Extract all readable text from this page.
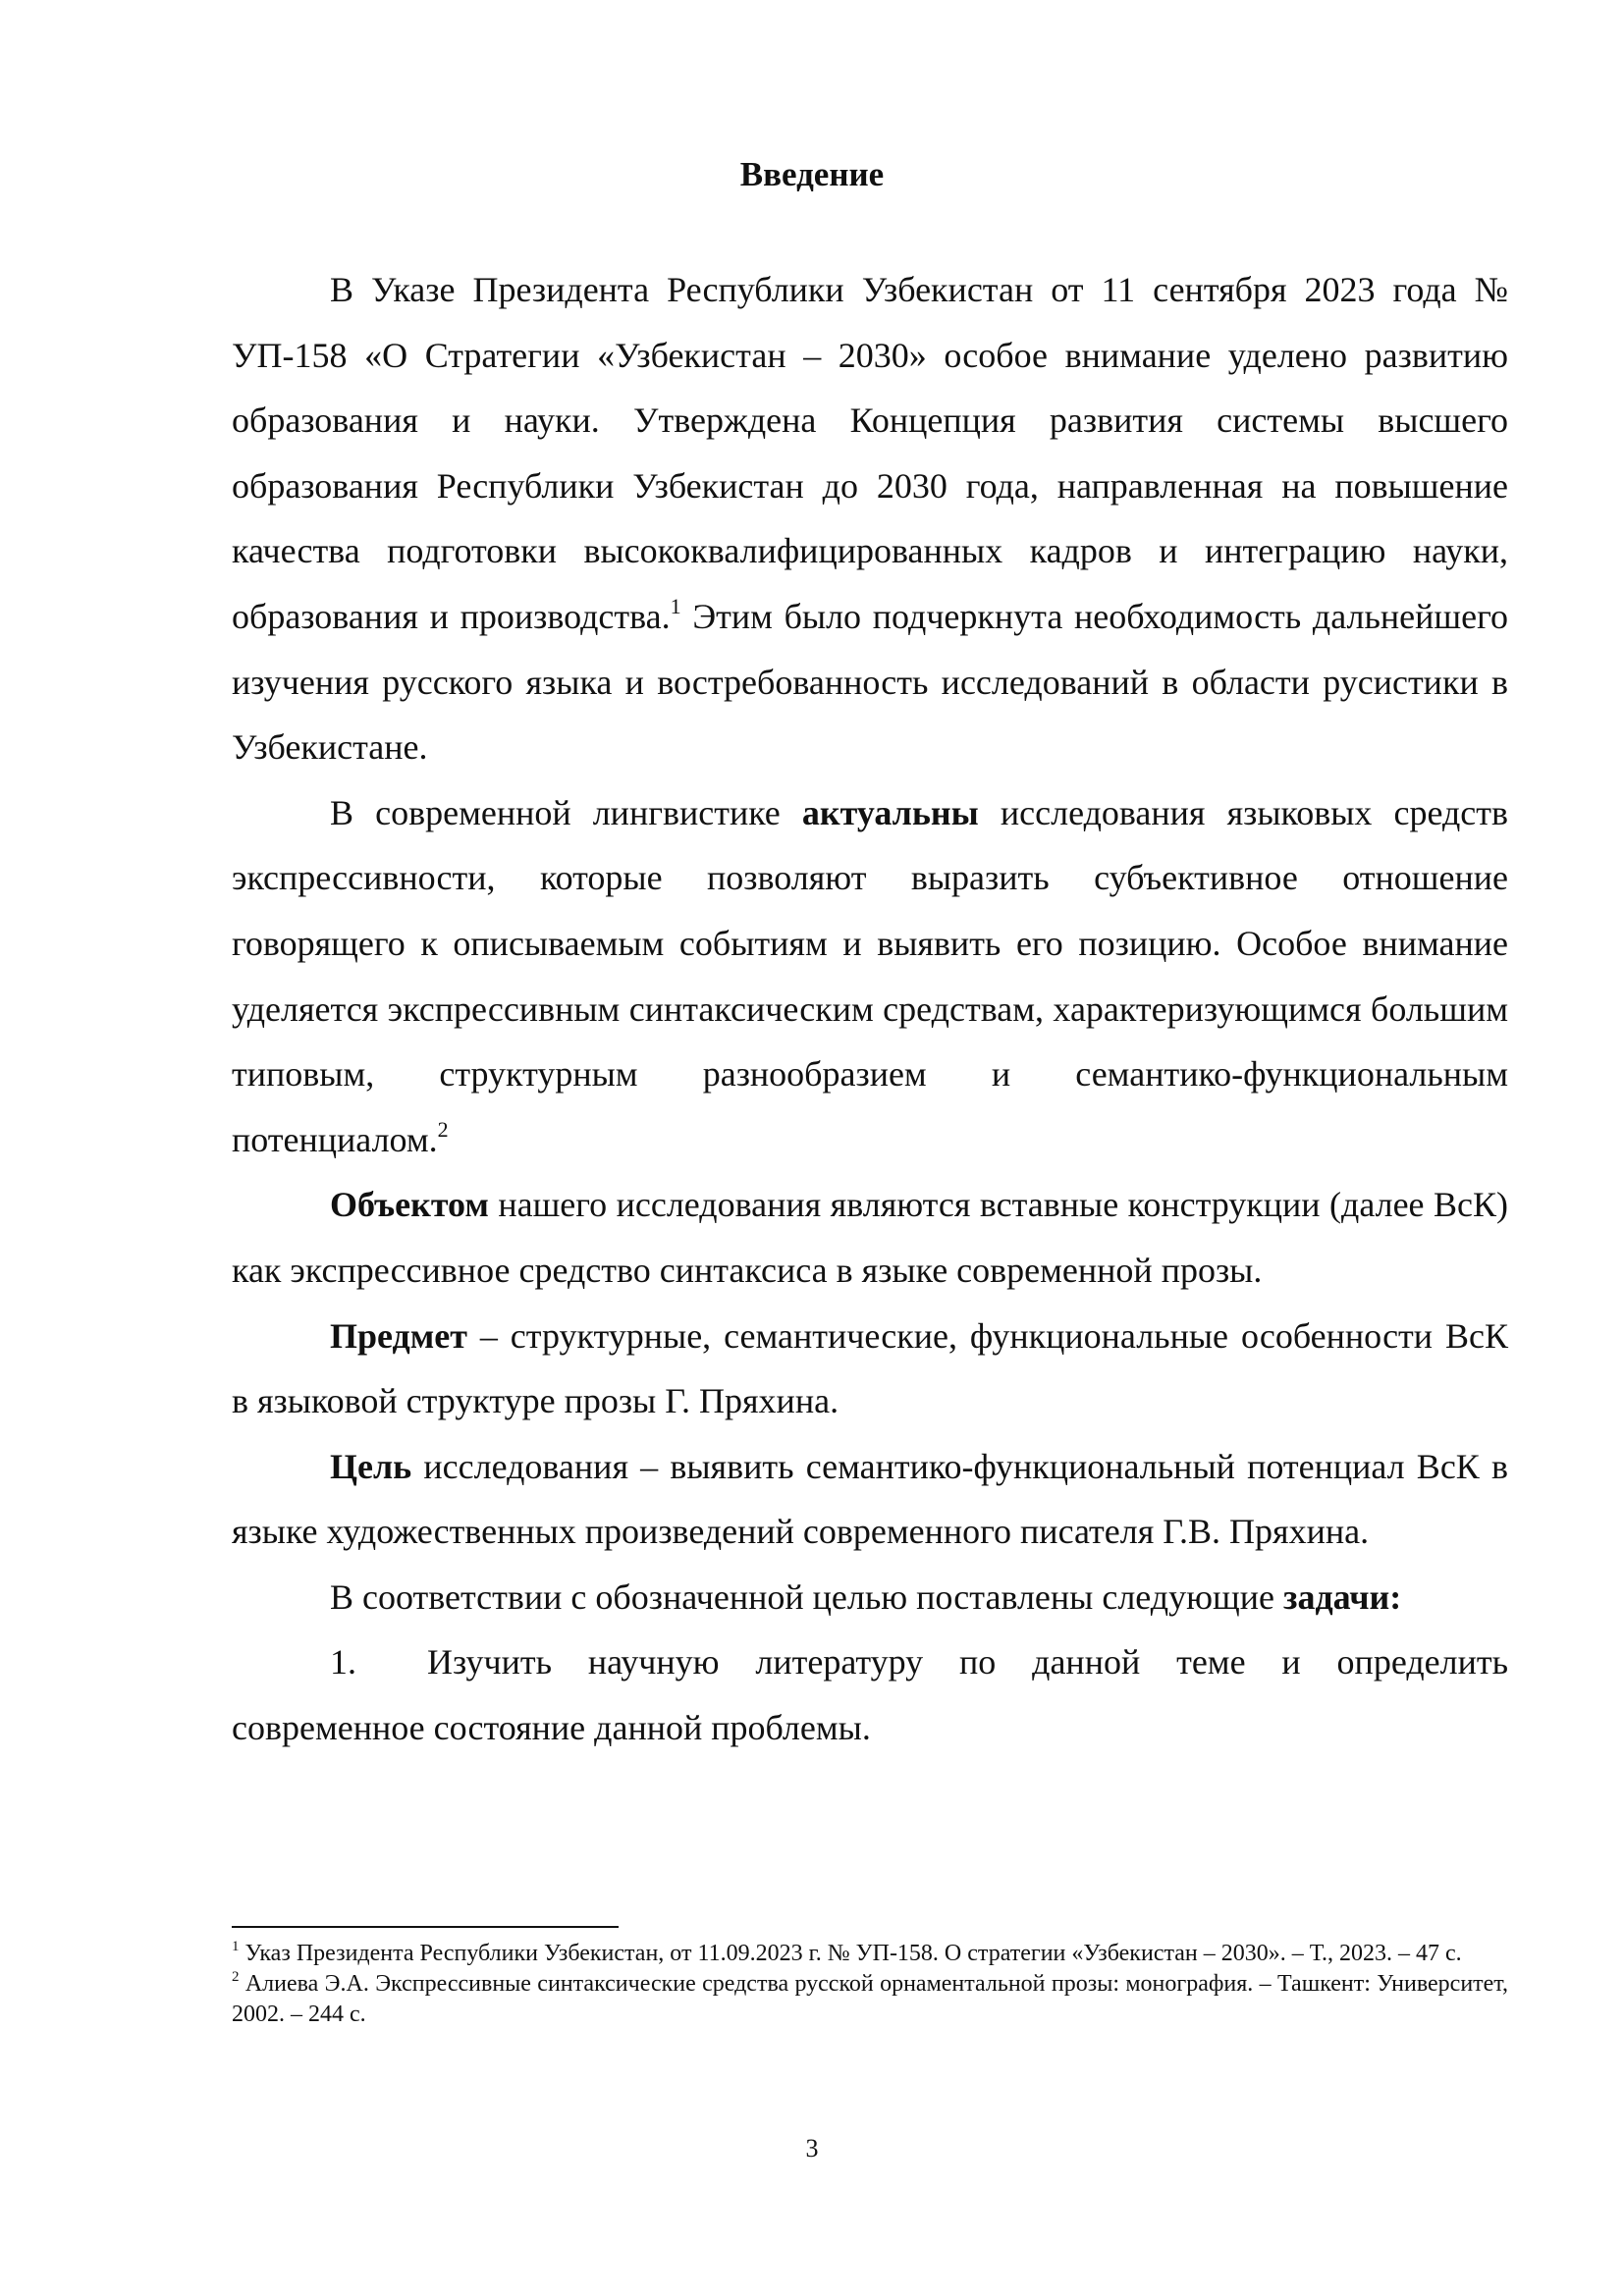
Введение

В Указе Президента Республики Узбекистан от 11 сентября 2023 года № УП-158 «О Стратегии «Узбекистан – 2030» особое внимание уделено развитию образования и науки. Утверждена Концепция развития системы высшего образования Республики Узбекистан до 2030 года, направленная на повышение качества подготовки высококвалифицированных кадров и интеграцию науки, образования и производства.$^1$ Этим было подчеркнута необходимость дальнейшего изучения русского языка и востребованность исследований в области русистики в Узбекистане.

В современной лингвистике актуальны исследования языковых средств экспрессивности, которые позволяют выразить субъективное отношение говорящего к описываемым событиям и выявить его позицию. Особое внимание уделяется экспрессивным синтаксическим средствам, характеризующимся большим типовым, структурным разнообразием и семантико-функциональным потенциалом.$^2$

Объектом нашего исследования являются вставные конструкции (далее ВсК) как экспрессивное средство синтаксиса в языке современной прозы.

Предмет – структурные, семантические, функциональные особенности ВсК в языковой структуре прозы Г. Пряхина.

Цель исследования – выявить семантико-функциональный потенциал ВсК в языке художественных произведений современного писателя Г.В. Пряхина.

В соответствии с обозначенной целью поставлены следующие задачи:

1. Изучить научную литературу по данной теме и определить современное состояние данной проблемы.

$^1$ Указ Президента Республики Узбекистан, от 11.09.2023 г. № УП-158. О стратегии «Узбекистан – 2030». – Т., 2023. – 47 с.

$^2$ Алиева Э.А. Экспрессивные синтаксические средства русской орнаментальной прозы: монография. – Ташкент: Университет, 2002. – 244 с.

3
